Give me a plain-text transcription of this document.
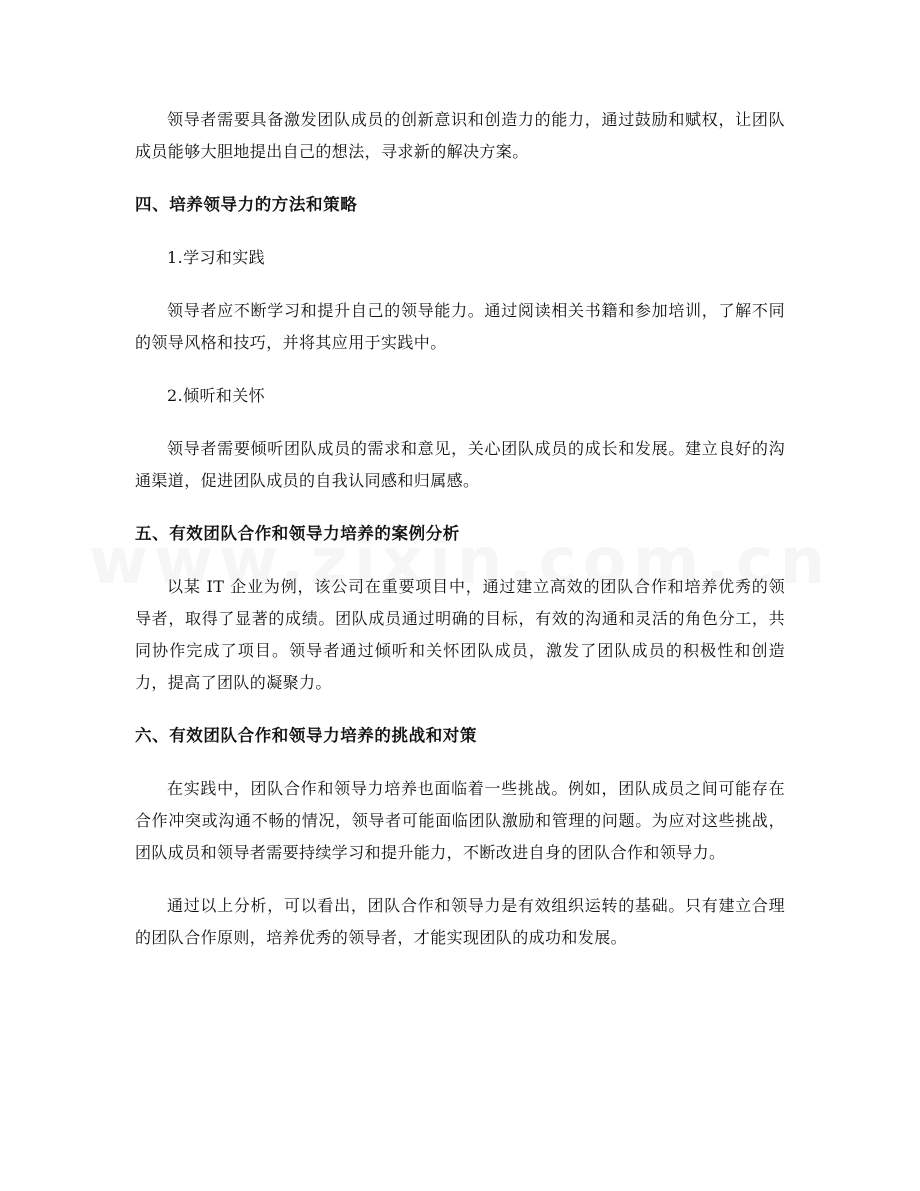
领导者需要具备激发团队成员的创新意识和创造力的能力，通过鼓励和赋权，让团队成员能够大胆地提出自己的想法，寻求新的解决方案。

四、培养领导力的方法和策略

1.学习和实践

领导者应不断学习和提升自己的领导能力。通过阅读相关书籍和参加培训，了解不同的领导风格和技巧，并将其应用于实践中。

2.倾听和关怀

领导者需要倾听团队成员的需求和意见，关心团队成员的成长和发展。建立良好的沟通渠道，促进团队成员的自我认同感和归属感。

五、有效团队合作和领导力培养的案例分析

以某 IT 企业为例，该公司在重要项目中，通过建立高效的团队合作和培养优秀的领导者，取得了显著的成绩。团队成员通过明确的目标，有效的沟通和灵活的角色分工，共同协作完成了项目。领导者通过倾听和关怀团队成员，激发了团队成员的积极性和创造力，提高了团队的凝聚力。

六、有效团队合作和领导力培养的挑战和对策

在实践中，团队合作和领导力培养也面临着一些挑战。例如，团队成员之间可能存在合作冲突或沟通不畅的情况，领导者可能面临团队激励和管理的问题。为应对这些挑战，团队成员和领导者需要持续学习和提升能力，不断改进自身的团队合作和领导力。

通过以上分析，可以看出，团队合作和领导力是有效组织运转的基础。只有建立合理的团队合作原则，培养优秀的领导者，才能实现团队的成功和发展。
